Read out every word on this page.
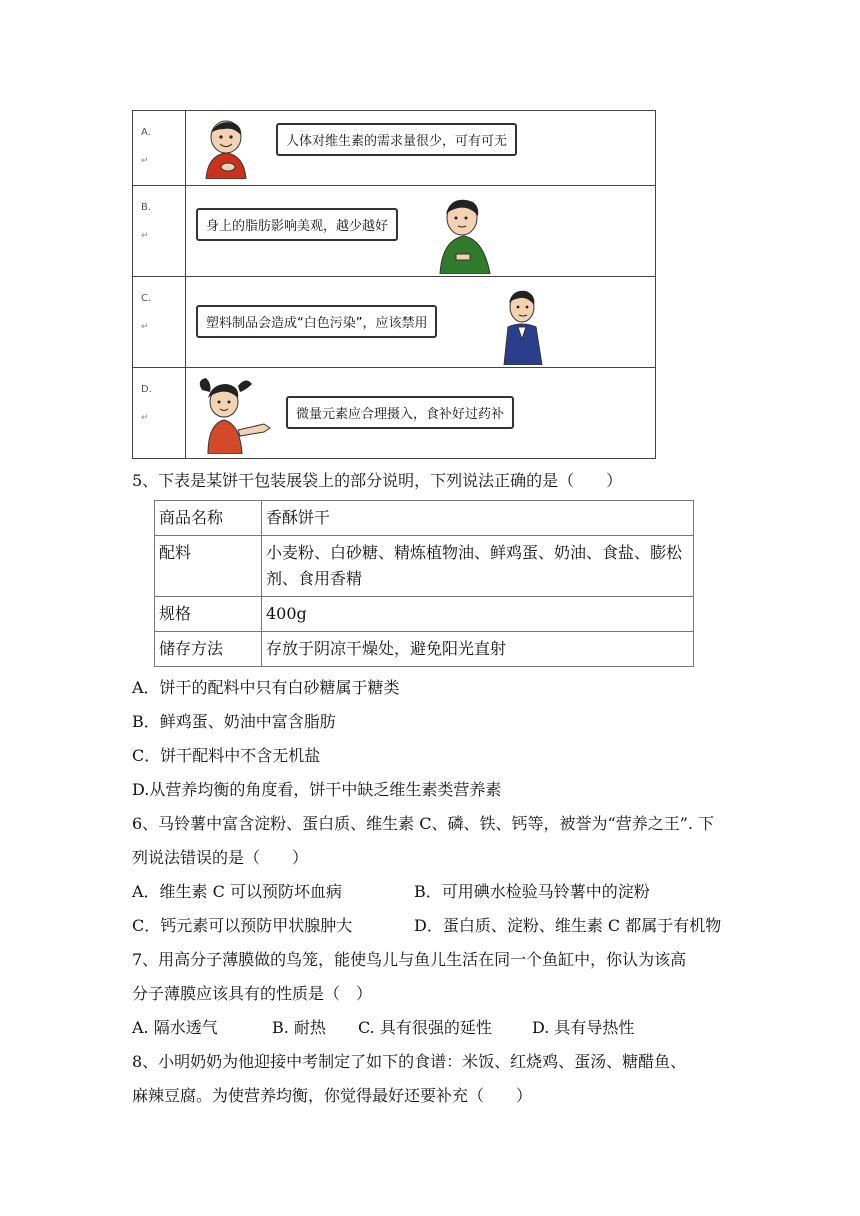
A．
↵	人体对维生素的需求量很少，可有可无

B．
↵	身上的脂肪影响美观，越少越好

C．
↵	塑料制品会造成“白色污染”，应该禁用

D．
↵	微量元素应合理摄入，食补好过药补
5、下表是某饼干包装展袋上的部分说明，下列说法正确的是（　　）
商品名称	香酥饼干
配料	小麦粉、白砂糖、精炼植物油、鲜鸡蛋、奶油、食盐、膨松剂、食用香精
规格	400g
储存方法	存放于阴凉干燥处，避免阳光直射
A．饼干的配料中只有白砂糖属于糖类
B．鲜鸡蛋、奶油中富含脂肪
C．饼干配料中不含无机盐
D.从营养均衡的角度看，饼干中缺乏维生素类营养素
6、马铃薯中富含淀粉、蛋白质、维生素 C、磷、铁、钙等，被誉为“营养之王”. 下
列说法错误的是（　　）
A．维生素 C 可以预防坏血病	B．可用碘水检验马铃薯中的淀粉
C．钙元素可以预防甲状腺肿大	D．蛋白质、淀粉、维生素 C 都属于有机物
7、用高分子薄膜做的鸟笼，能使鸟儿与鱼儿生活在同一个鱼缸中，你认为该高
分子薄膜应该具有的性质是（　）
A. 隔水透气	B. 耐热 C. 具有很强的延性	D. 具有导热性
8、小明奶奶为他迎接中考制定了如下的食谱：米饭、红烧鸡、蛋汤、糖醋鱼、
麻辣豆腐。为使营养均衡，你觉得最好还要补充（　　）
